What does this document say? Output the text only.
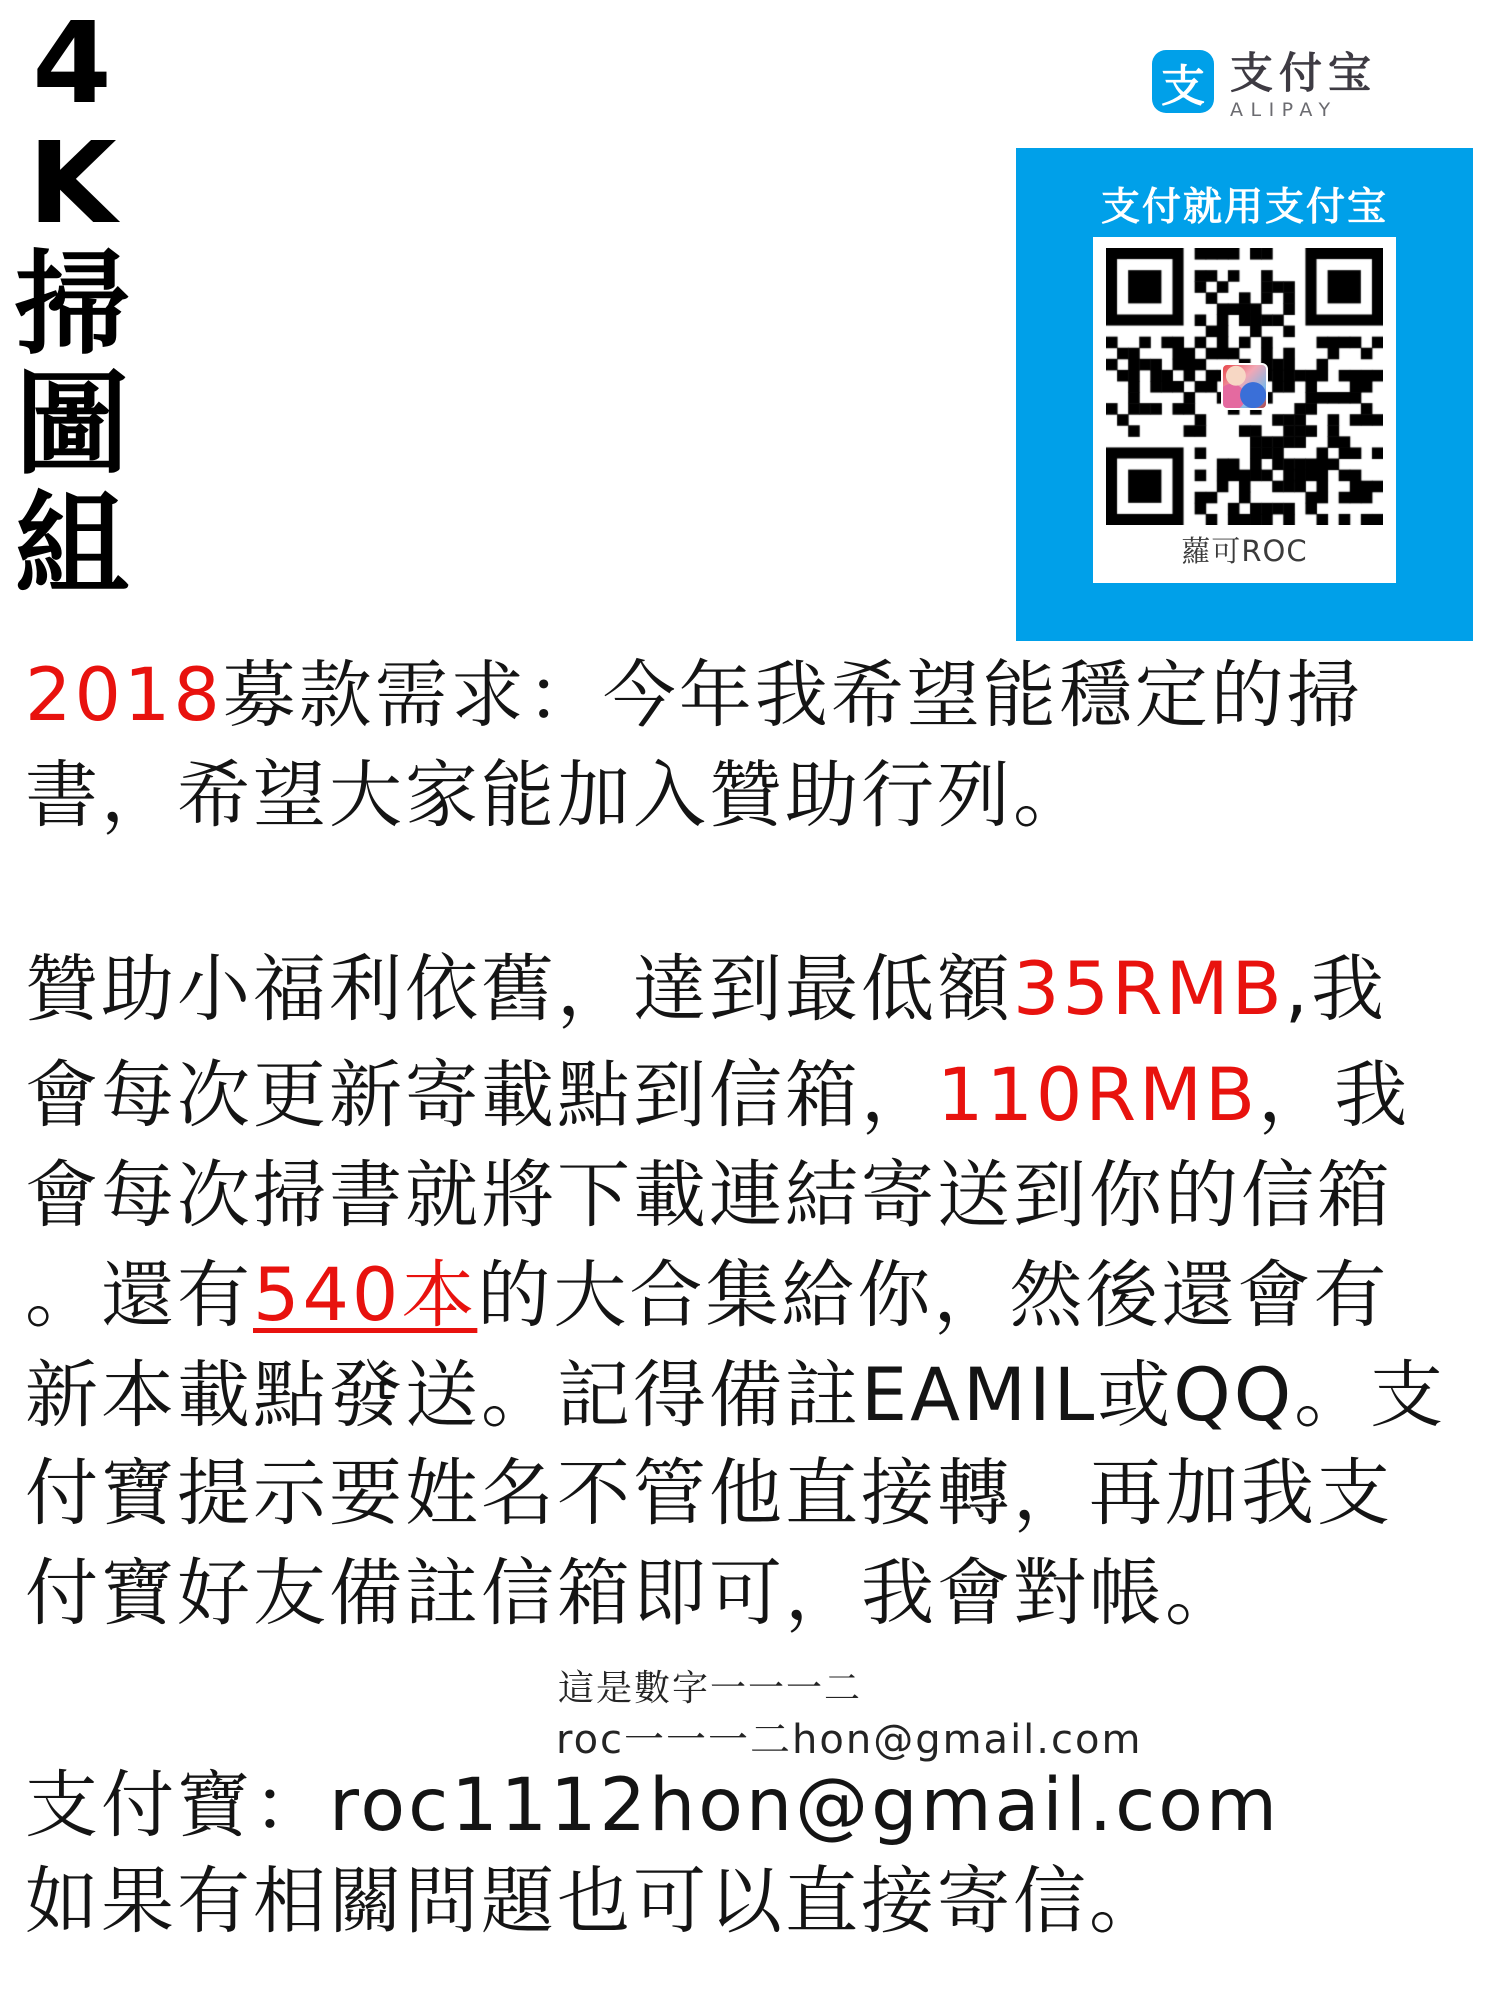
4
K
掃
圖
組
支 支付宝
ALIPAY
支付就用支付宝
蘿可ROC
2018募款需求：今年我希望能穩定的掃
書，希望大家能加入贊助行列。
贊助小福利依舊，達到最低額35RMB,我
會每次更新寄載點到信箱，110RMB，我
會每次掃書就將下載連結寄送到你的信箱
。還有540本的大合集給你，然後還會有
新本載點發送。記得備註EAMIL或QQ。支
付寶提示要姓名不管他直接轉，再加我支
付寶好友備註信箱即可，我會對帳。
這是數字一一一二
roc一一一二hon@gmail.com
支付寶：roc1112hon@gmail.com
如果有相關問題也可以直接寄信。
